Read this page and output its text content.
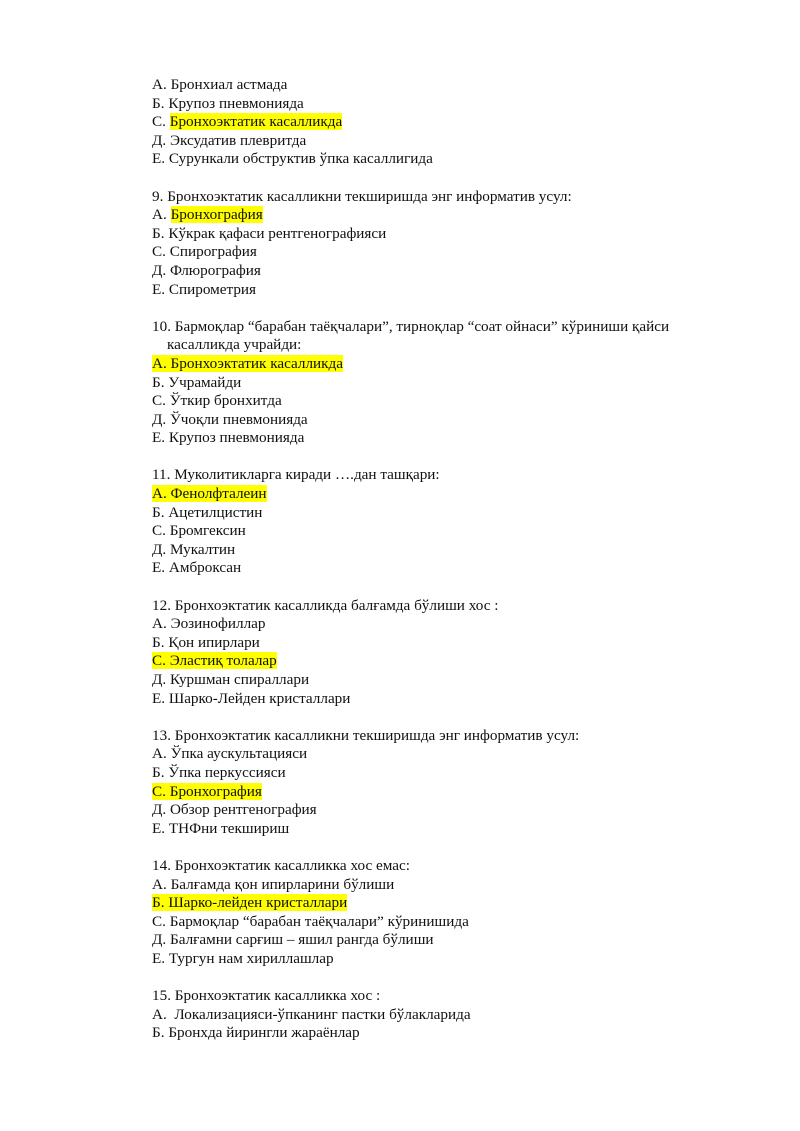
A. Бронхиал астмада
Б. Крупоз пневмонияда
C. Бронхоэктатик касалликда
Д. Эксудатив плевритда
E. Сурункали обструктив ўпка касаллигида
9. Бронхоэктатик касалликни текширишда энг информатив усул:
A. Бронхография
Б. Кўкрак қафаси рентгенографияси
C. Спирография
Д. Флюрография
E. Спирометрия
10. Бармоқлар “барабан таёқчалари”, тирноқлар “соат ойнаси” кўриниши қайси
касалликда учрайди:
A. Бронхоэктатик касалликда
Б. Учрамайди
C. Ўткир бронхитда
Д. Ўчоқли пневмонияда
E. Крупоз пневмонияда
11. Муколитикларга киради ….дан ташқари:
A. Фенолфталеин
Б. Ацетилцистин
C. Бромгексин
Д. Мукалтин
E. Амброксан
12. Бронхоэктатик касалликда балғамда бўлиши хос :
A. Эозинофиллар
Б. Қон ипирлари
C. Эластиқ толалар
Д. Куршман спираллари
E. Шарко-Лейден кристаллари
13. Бронхоэктатик касалликни текширишда энг информатив усул:
A. Ўпка аускультацияси
Б. Ўпка перкуссияси
C. Бронхография
Д. Обзор рентгенография
E. ТНФни текшириш
14. Бронхоэктатик касалликка хос емас:
A. Балғамда қон ипирларини бўлиши
Б. Шарко-лейден кристаллари
C. Бармоқлар “барабан таёқчалари” кўринишида
Д. Балғамни сарғиш – яшил рангда бўлиши
E. Тургун нам хириллашлар
15. Бронхоэктатик касалликка хос :
A.  Локализацияси-ўпканинг пастки бўлакларида
Б. Бронхда йирингли жараёнлар
